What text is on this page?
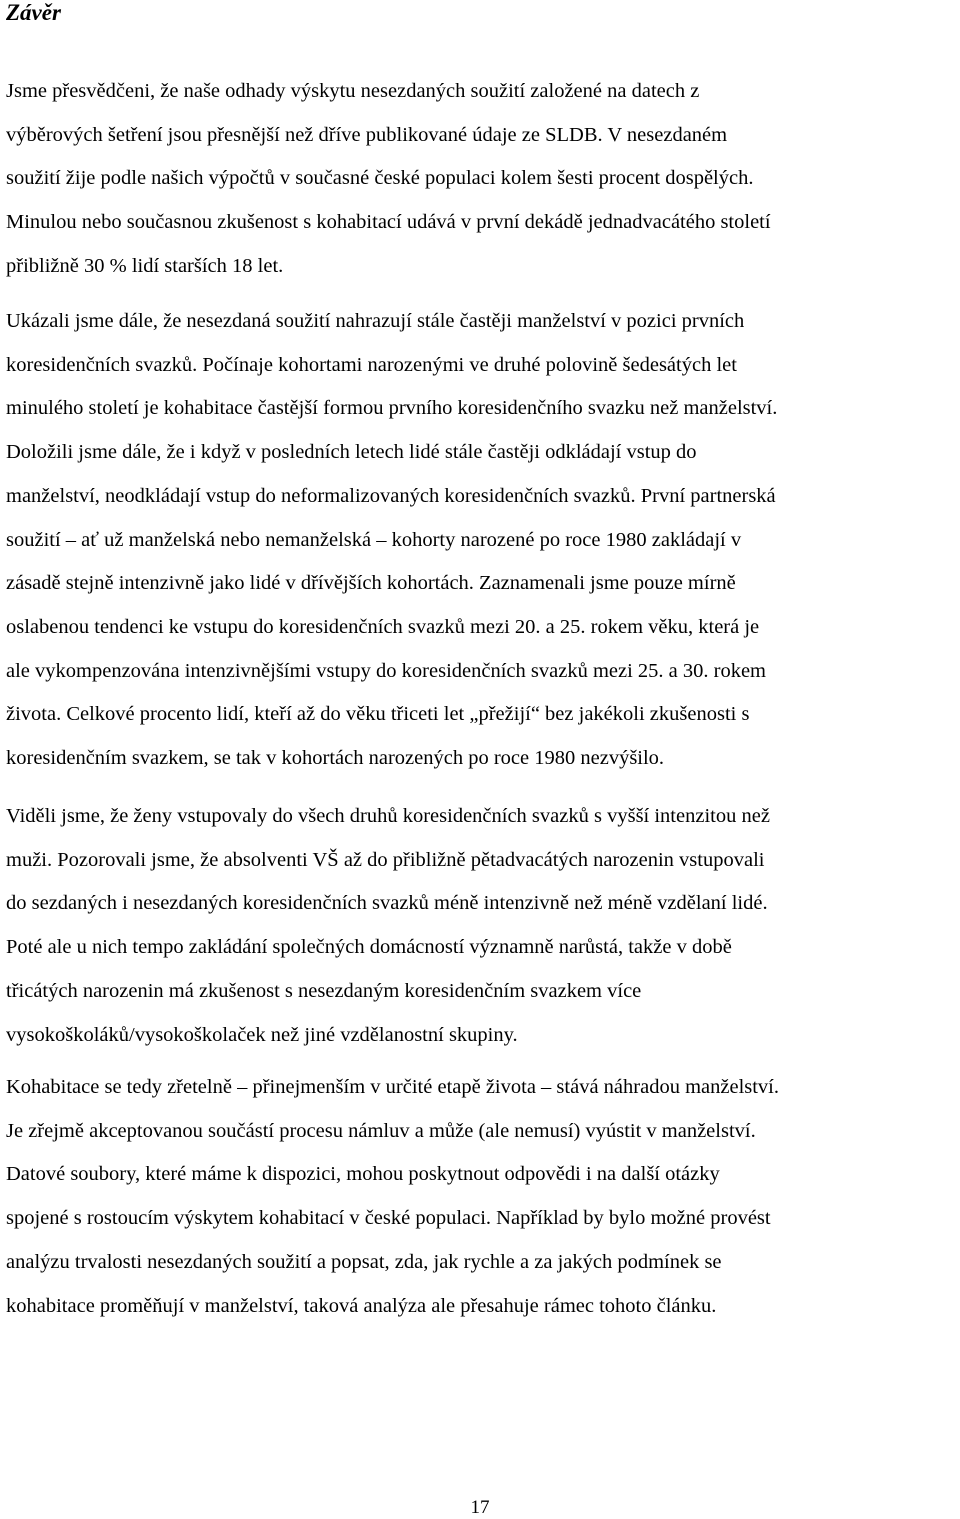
Závěr

Jsme přesvědčeni, že naše odhady výskytu nesezdaných soužití založené na datech z
výběrových šetření jsou přesnější než dříve publikované údaje ze SLDB. V nesezdaném
soužití žije podle našich výpočtů v současné české populaci kolem šesti procent dospělých.
Minulou nebo současnou zkušenost s kohabitací udává v první dekádě jednadvacátého století
přibližně 30 % lidí starších 18 let.

Ukázali jsme dále, že nesezdaná soužití nahrazují stále častěji manželství v pozici prvních
koresidenčních svazků. Počínaje kohortami narozenými ve druhé polovině šedesátých let
minulého století je kohabitace častější formou prvního koresidenčního svazku než manželství.
Doložili jsme dále, že i když v posledních letech lidé stále častěji odkládají vstup do
manželství, neodkládají vstup do neformalizovaných koresidenčních svazků. První partnerská
soužití – ať už manželská nebo nemanželská – kohorty narozené po roce 1980 zakládají v
zásadě stejně intenzivně jako lidé v dřívějších kohortách. Zaznamenali jsme pouze mírně
oslabenou tendenci ke vstupu do koresidenčních svazků mezi 20. a 25. rokem věku, která je
ale vykompenzována intenzivnějšími vstupy do koresidenčních svazků mezi 25. a 30. rokem
života. Celkové procento lidí, kteří až do věku třiceti let „přežijí“ bez jakékoli zkušenosti s
koresidenčním svazkem, se tak v kohortách narozených po roce 1980 nezvýšilo.

Viděli jsme, že ženy vstupovaly do všech druhů koresidenčních svazků s vyšší intenzitou než
muži. Pozorovali jsme, že absolventi VŠ až do přibližně pětadvacátých narozenin vstupovali
do sezdaných i nesezdaných koresidenčních svazků méně intenzivně než méně vzdělaní lidé.
Poté ale u nich tempo zakládání společných domácností významně narůstá, takže v době
třicátých narozenin má zkušenost s nesezdaným koresidenčním svazkem více
vysokoškoláků/vysokoškolaček než jiné vzdělanostní skupiny.

Kohabitace se tedy zřetelně – přinejmenším v určité etapě života – stává náhradou manželství.
Je zřejmě akceptovanou součástí procesu námluv a může (ale nemusí) vyústit v manželství.
Datové soubory, které máme k dispozici, mohou poskytnout odpovědi i na další otázky
spojené s rostoucím výskytem kohabitací v české populaci. Například by bylo možné provést
analýzu trvalosti nesezdaných soužití a popsat, zda, jak rychle a za jakých podmínek se
kohabitace proměňují v manželství, taková analýza ale přesahuje rámec tohoto článku.

17
